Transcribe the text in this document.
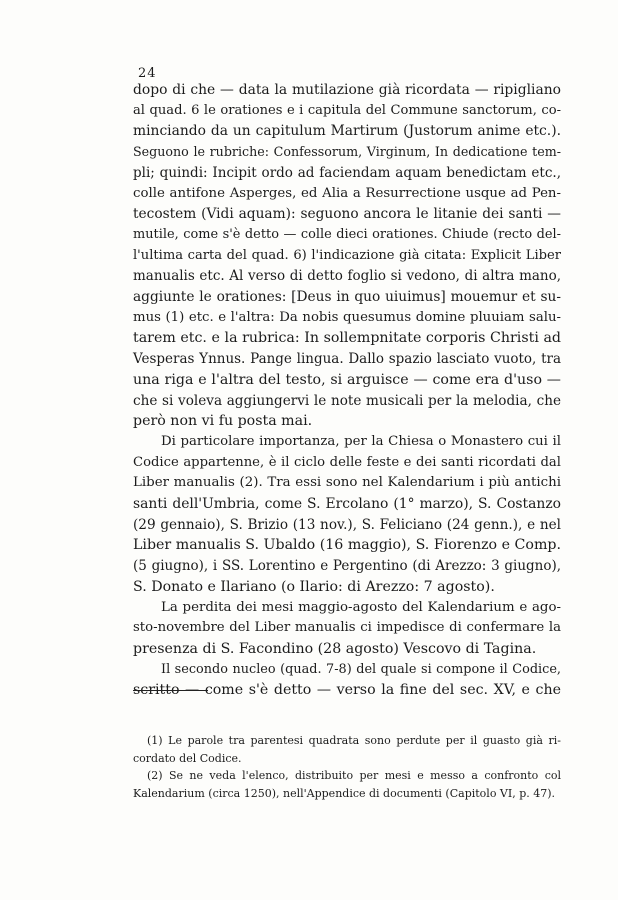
24
dopo di che — data la mutilazione già ricordata — ripigliano
al quad. 6 le orationes e i capitula del Commune sanctorum, co-
minciando da un capitulum Martirum (Justorum anime etc.).
Seguono le rubriche: Confessorum, Virginum, In dedicatione tem-
pli; quindi: Incipit ordo ad faciendam aquam benedictam etc.,
colle antifone Asperges, ed Alia a Resurrectione usque ad Pen-
tecostem (Vidi aquam): seguono ancora le litanie dei santi —
mutile, come s'è detto — colle dieci orationes. Chiude (recto del-
l'ultima carta del quad. 6) l'indicazione già citata: Explicit Liber
manualis etc. Al verso di detto foglio si vedono, di altra mano,
aggiunte le orationes: [Deus in quo uiuimus] mouemur et su-
mus (1) etc. e l'altra: Da nobis quesumus domine pluuiam salu-
tarem etc. e la rubrica: In sollempnitate corporis Christi ad
Vesperas Ynnus. Pange lingua. Dallo spazio lasciato vuoto, tra
una riga e l'altra del testo, si arguisce — come era d'uso —
che si voleva aggiungervi le note musicali per la melodia, che
però non vi fu posta mai.
Di particolare importanza, per la Chiesa o Monastero cui il
Codice appartenne, è il ciclo delle feste e dei santi ricordati dal
Liber manualis (2). Tra essi sono nel Kalendarium i più antichi
santi dell'Umbria, come S. Ercolano (1° marzo), S. Costanzo
(29 gennaio), S. Brizio (13 nov.), S. Feliciano (24 genn.), e nel
Liber manualis S. Ubaldo (16 maggio), S. Fiorenzo e Comp.
(5 giugno), i SS. Lorentino e Pergentino (di Arezzo: 3 giugno),
S. Donato e Ilariano (o Ilario: di Arezzo: 7 agosto).
La perdita dei mesi maggio-agosto del Kalendarium e ago-
sto-novembre del Liber manualis ci impedisce di confermare la
presenza di S. Facondino (28 agosto) Vescovo di Tagina.
Il secondo nucleo (quad. 7-8) del quale si compone il Codice,
scritto — come s'è detto — verso la fine del sec. XV, e che
(1) Le parole tra parentesi quadrata sono perdute per il guasto già ri-
cordato del Codice.
(2) Se ne veda l'elenco, distribuito per mesi e messo a confronto col
Kalendarium (circa 1250), nell'Appendice di documenti (Capitolo VI, p. 47).
